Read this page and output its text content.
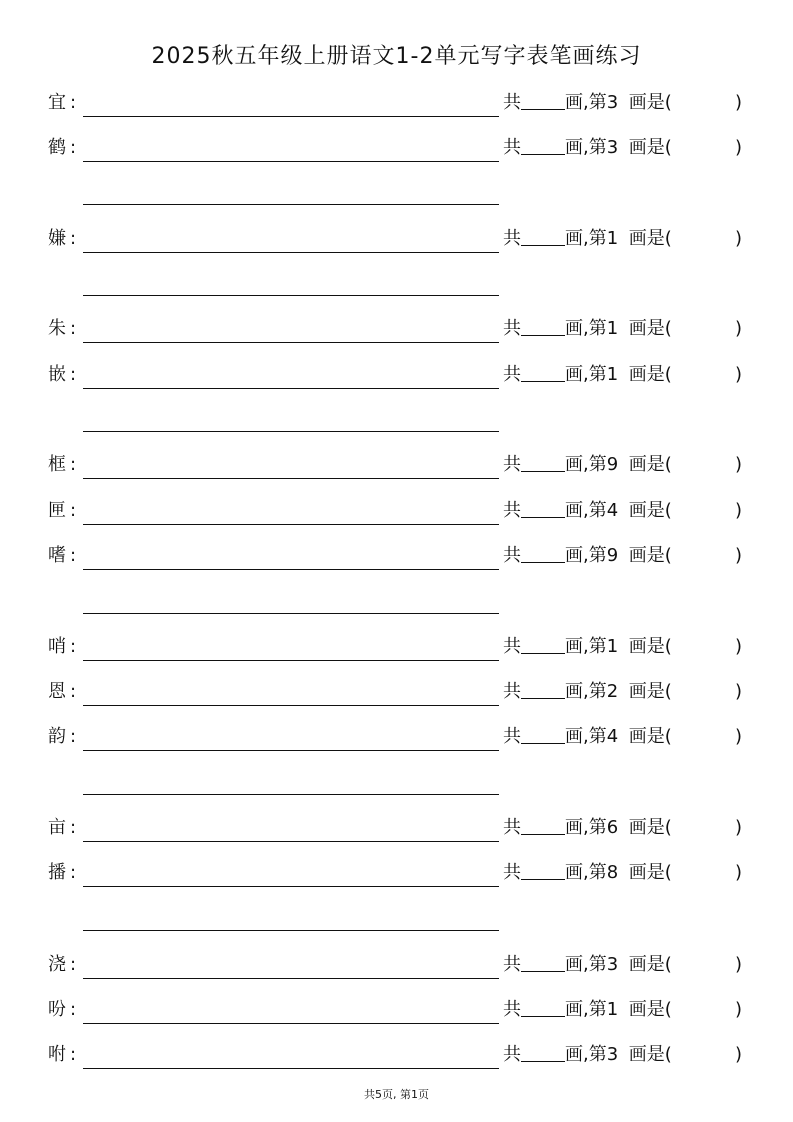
2025秋五年级上册语文1-2单元写字表笔画练习
宜 :	共 画,第3 画是(	)
鹤 :	共 画,第3 画是(	)
嫌 :	共 画,第1 画是(	)
朱 :	共 画,第1 画是(	)
嵌 :	共 画,第1 画是(	)
框 :	共 画,第9 画是(	)
匣 :	共 画,第4 画是(	)
嗜 :	共 画,第9 画是(	)
哨 :	共 画,第1 画是(	)
恩 :	共 画,第2 画是(	)
韵 :	共 画,第4 画是(	)
亩 :	共 画,第6 画是(	)
播 :	共 画,第8 画是(	)
浇 :	共 画,第3 画是(	)
吩 :	共 画,第1 画是(	)
咐 :	共 画,第3 画是(	)
共5页, 第1页
